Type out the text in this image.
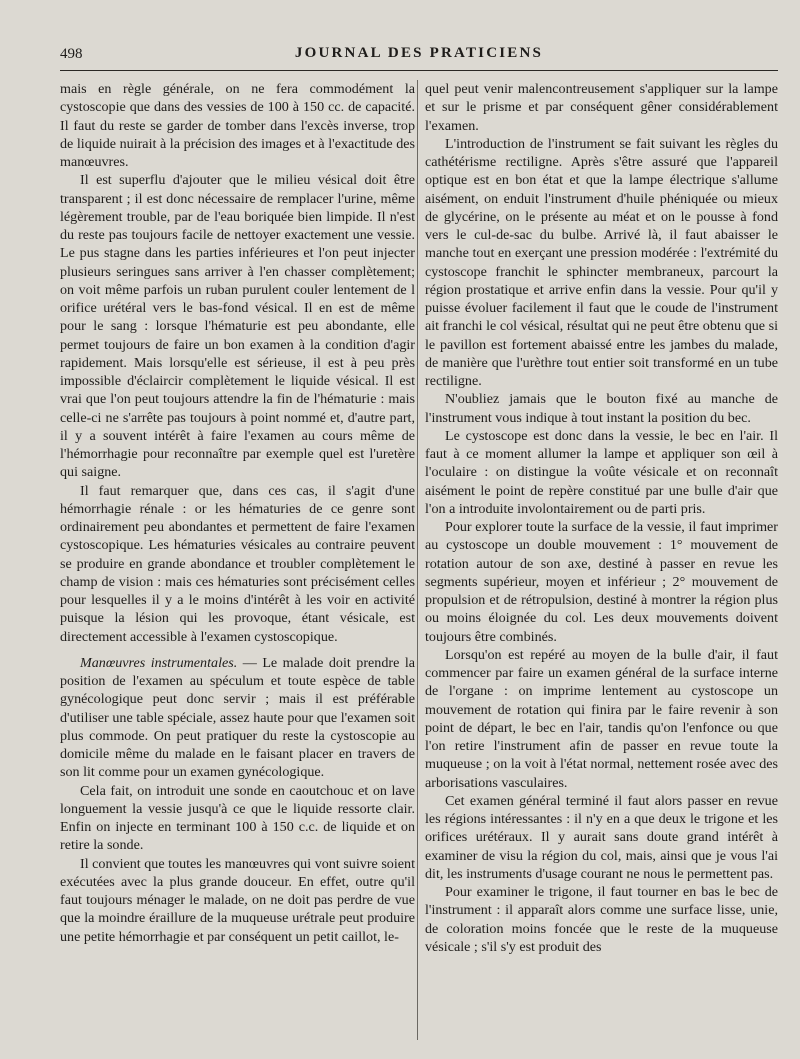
498	JOURNAL DES PRATICIENS

mais en règle générale, on ne fera commodément la cystoscopie que dans des vessies de 100 à 150 cc. de capacité. Il faut du reste se garder de tomber dans l'excès inverse, trop de liquide nuirait à la précision des images et à l'exactitude des manœuvres.

Il est superflu d'ajouter que le milieu vésical doit être transparent ; il est donc nécessaire de remplacer l'urine, même légèrement trouble, par de l'eau boriquée bien limpide. Il n'est du reste pas toujours facile de nettoyer exactement une vessie. Le pus stagne dans les parties inférieures et l'on peut injecter plusieurs seringues sans arriver à l'en chasser complètement; on voit même parfois un ruban purulent couler lentement de l orifice urétéral vers le bas-fond vésical. Il en est de même pour le sang : lorsque l'hématurie est peu abondante, elle permet toujours de faire un bon examen à la condition d'agir rapidement. Mais lorsqu'elle est sérieuse, il est à peu près impossible d'éclaircir complètement le liquide vésical. Il est vrai que l'on peut toujours attendre la fin de l'hématurie : mais celle-ci ne s'arrête pas toujours à point nommé et, d'autre part, il y a souvent intérêt à faire l'examen au cours même de l'hémorrhagie pour reconnaître par exemple quel est l'uretère qui saigne.

Il faut remarquer que, dans ces cas, il s'agit d'une hémorrhagie rénale : or les hématuries de ce genre sont ordinairement peu abondantes et permettent de faire l'examen cystoscopique. Les hématuries vésicales au contraire peuvent se produire en grande abondance et troubler complètement le champ de vision : mais ces hématuries sont précisément celles pour lesquelles il y a le moins d'intérêt à les voir en activité puisque la lésion qui les provoque, étant vésicale, est directement accessible à l'examen cystoscopique.

Manœuvres instrumentales. — Le malade doit prendre la position de l'examen au spéculum et toute espèce de table gynécologique peut donc servir ; mais il est préférable d'utiliser une table spéciale, assez haute pour que l'examen soit plus commode. On peut pratiquer du reste la cystoscopie au domicile même du malade en le faisant placer en travers de son lit comme pour un examen gynécologique.

Cela fait, on introduit une sonde en caoutchouc et on lave longuement la vessie jusqu'à ce que le liquide ressorte clair. Enfin on injecte en terminant 100 à 150 c.c. de liquide et on retire la sonde.

Il convient que toutes les manœuvres qui vont suivre soient exécutées avec la plus grande douceur. En effet, outre qu'il faut toujours ménager le malade, on ne doit pas perdre de vue que la moindre éraillure de la muqueuse urétrale peut produire une petite hémorrhagie et par conséquent un petit caillot, le-

quel peut venir malencontreusement s'appliquer sur la lampe et sur le prisme et par conséquent gêner considérablement l'examen.

L'introduction de l'instrument se fait suivant les règles du cathétérisme rectiligne. Après s'être assuré que l'appareil optique est en bon état et que la lampe électrique s'allume aisément, on enduit l'instrument d'huile phéniquée ou mieux de glycérine, on le présente au méat et on le pousse à fond vers le cul-de-sac du bulbe. Arrivé là, il faut abaisser le manche tout en exerçant une pression modérée : l'extrémité du cystoscope franchit le sphincter membraneux, parcourt la région prostatique et arrive enfin dans la vessie. Pour qu'il y puisse évoluer facilement il faut que le coude de l'instrument ait franchi le col vésical, résultat qui ne peut être obtenu que si le pavillon est fortement abaissé entre les jambes du malade, de manière que l'urèthre tout entier soit transformé en un tube rectiligne.

N'oubliez jamais que le bouton fixé au manche de l'instrument vous indique à tout instant la position du bec.

Le cystoscope est donc dans la vessie, le bec en l'air. Il faut à ce moment allumer la lampe et appliquer son œil à l'oculaire : on distingue la voûte vésicale et on reconnaît aisément le point de repère constitué par une bulle d'air que l'on a introduite involontairement ou de parti pris.

Pour explorer toute la surface de la vessie, il faut imprimer au cystoscope un double mouvement : 1° mouvement de rotation autour de son axe, destiné à passer en revue les segments supérieur, moyen et inférieur ; 2° mouvement de propulsion et de rétropulsion, destiné à montrer la région plus ou moins éloignée du col. Les deux mouvements doivent toujours être combinés.

Lorsqu'on est repéré au moyen de la bulle d'air, il faut commencer par faire un examen général de la surface interne de l'organe : on imprime lentement au cystoscope un mouvement de rotation qui finira par le faire revenir à son point de départ, le bec en l'air, tandis qu'on l'enfonce ou que l'on retire l'instrument afin de passer en revue toute la muqueuse ; on la voit à l'état normal, nettement rosée avec des arborisations vasculaires.

Cet examen général terminé il faut alors passer en revue les régions intéressantes : il n'y en a que deux le trigone et les orifices urétéraux. Il y aurait sans doute grand intérêt à examiner de visu la région du col, mais, ainsi que je vous l'ai dit, les instruments d'usage courant ne nous le permettent pas.

Pour examiner le trigone, il faut tourner en bas le bec de l'instrument : il apparaît alors comme une surface lisse, unie, de coloration moins foncée que le reste de la muqueuse vésicale ; s'il s'y est produit des
